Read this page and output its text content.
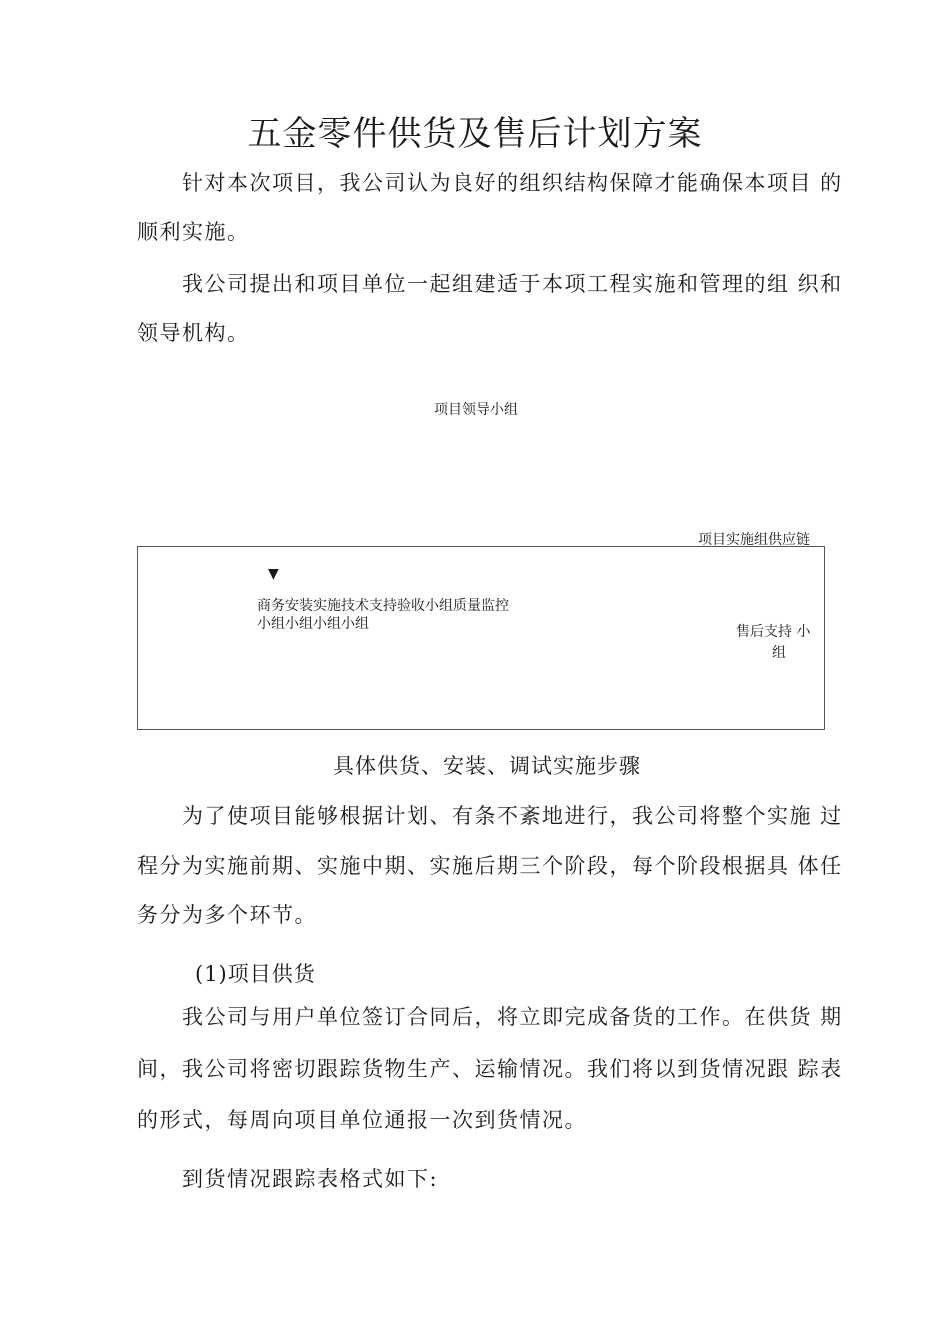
五金零件供货及售后计划方案
针对本次项目，我公司认为良好的组织结构保障才能确保本项目 的
顺利实施。
我公司提出和项目单位一起组建适于本项工程实施和管理的组 织和
领导机构。
项目领导小组
项目实施组供应链
▼
商务安装实施技术支持验收小组质量监控
小组小组小组小组	售后支持 小
组
具体供货、安装、调试实施步骤
为了使项目能够根据计划、有条不紊地进行，我公司将整个实施 过
程分为实施前期、实施中期、实施后期三个阶段，每个阶段根据具 体任
务分为多个环节。
(1)项目供货
我公司与用户单位签订合同后，将立即完成备货的工作。在供货 期
间，我公司将密切跟踪货物生产、运输情况。我们将以到货情况跟 踪表
的形式，每周向项目单位通报一次到货情况。
到货情况跟踪表格式如下:
